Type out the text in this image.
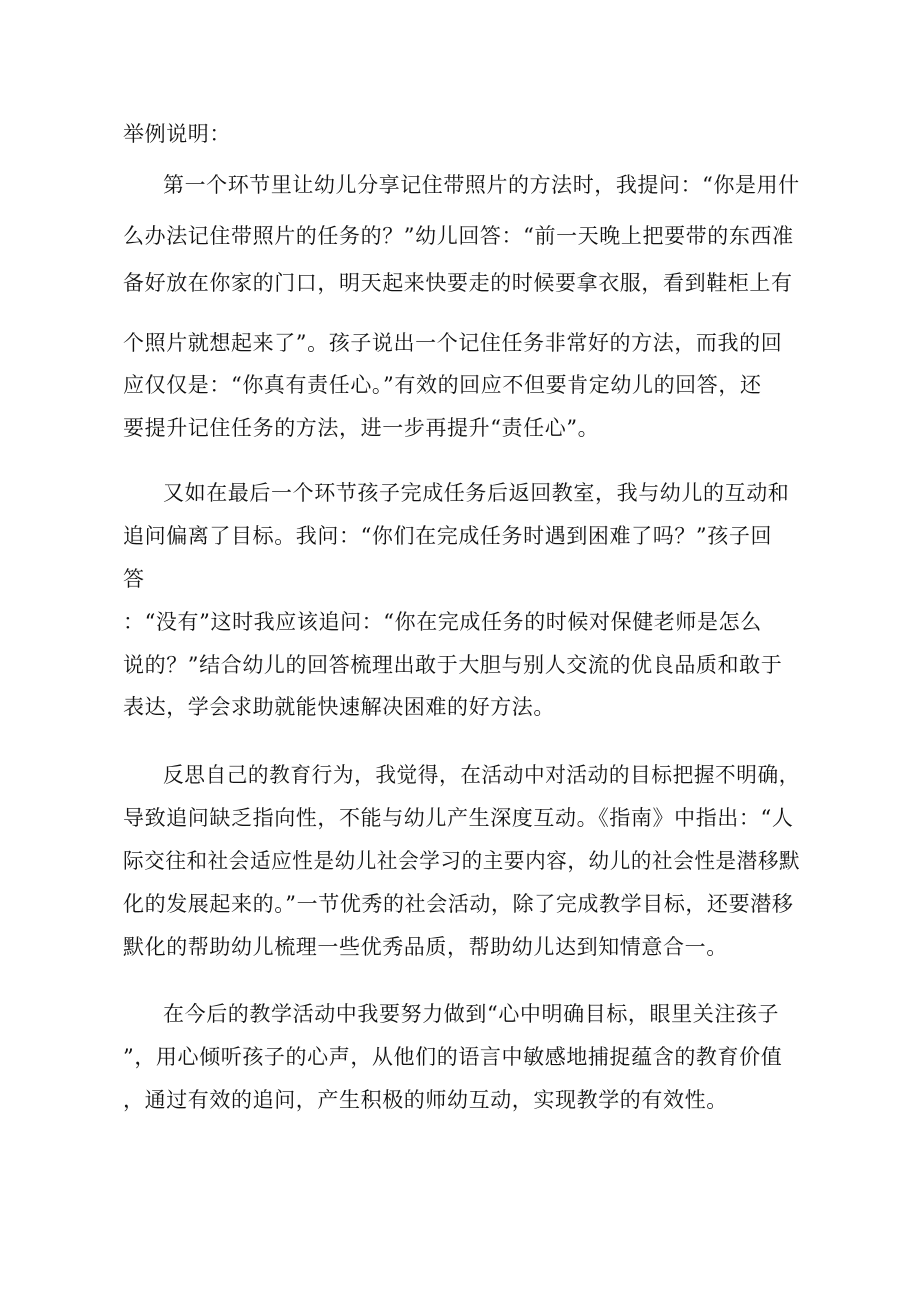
举例说明：
第一个环节里让幼儿分享记住带照片的方法时，我提问：“你是用什
么办法记住带照片的任务的？”幼儿回答：“前一天晚上把要带的东西准
备好放在你家的门口，明天起来快要走的时候要拿衣服，看到鞋柜上有
个照片就想起来了”。孩子说出一个记住任务非常好的方法，而我的回
应仅仅是：“你真有责任心。”有效的回应不但要肯定幼儿的回答，还
要提升记住任务的方法，进一步再提升“责任心”。
又如在最后一个环节孩子完成任务后返回教室，我与幼儿的互动和
追问偏离了目标。我问：“你们在完成任务时遇到困难了吗？”孩子回
答
：“没有”这时我应该追问：“你在完成任务的时候对保健老师是怎么
说的？”结合幼儿的回答梳理出敢于大胆与别人交流的优良品质和敢于
表达，学会求助就能快速解决困难的好方法。
反思自己的教育行为，我觉得，在活动中对活动的目标把握不明确，
导致追问缺乏指向性，不能与幼儿产生深度互动。《指南》中指出：“人
际交往和社会适应性是幼儿社会学习的主要内容，幼儿的社会性是潜移默
化的发展起来的。”一节优秀的社会活动，除了完成教学目标，还要潜移
默化的帮助幼儿梳理一些优秀品质，帮助幼儿达到知情意合一。
在今后的教学活动中我要努力做到“心中明确目标，眼里关注孩子
”，用心倾听孩子的心声，从他们的语言中敏感地捕捉蕴含的教育价值
，通过有效的追问，产生积极的师幼互动，实现教学的有效性。
